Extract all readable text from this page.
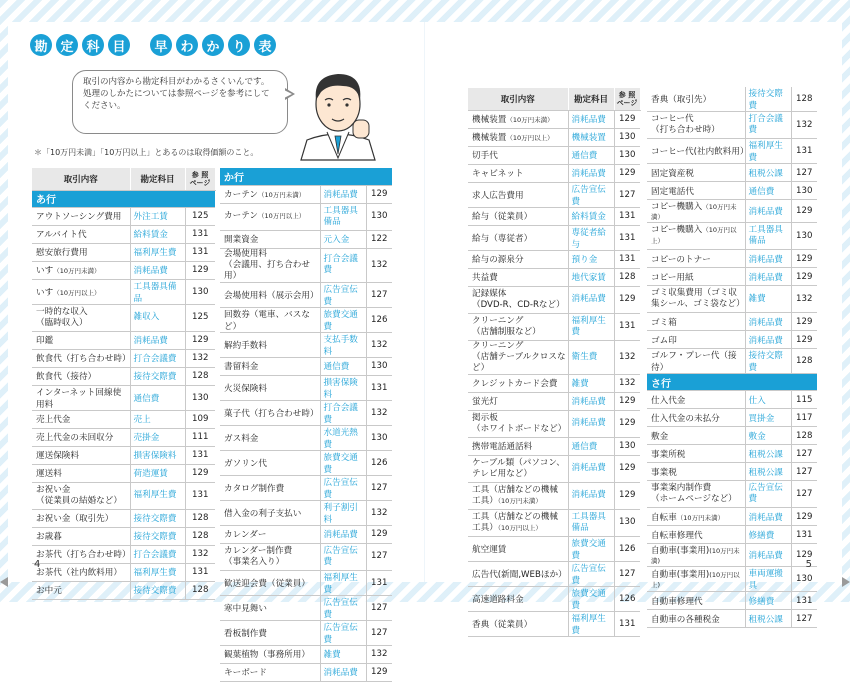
勘 定 科 目	早 わ か り 表
取引の内容から勘定科目がわかるさくいんです。
処理のしかたについては参照ページを参考にして
ください。
＊「10万円未満」「10万円以上」とあるのは取得価額のこと。
取引内容	勘定科目	参 照
ページ
あ行		
アウトソーシング費用	外注工賃	125
アルバイト代	給料賃金	131
慰安旅行費用	福利厚生費	131
いす（10万円未満）	消耗品費	129
いす（10万円以上）	工具器具備品	130
一時的な収入
（臨時収入）	雑収入	125
印鑑	消耗品費	129
飲食代（打ち合わせ時）	打合会議費	132
飲食代（接待）	接待交際費	128
インターネット回線使用料	通信費	130
売上代金	売上	109
売上代金の未回収分	売掛金	111
運送保険料	損害保険料	131
運送料	荷造運賃	129
お祝い金
（従業員の結婚など）	福利厚生費	131
お祝い金（取引先）	接待交際費	128
お歳暮	接待交際費	128
お茶代（打ち合わせ時）	打合会議費	132
お茶代（社内飲料用）	福利厚生費	131
お中元	接待交際費	128
か行		
カーテン（10万円未満）	消耗品費	129
カーテン（10万円以上）	工具器具
備品	130
開業資金	元入金	122
会場使用料
（会議用、打ち合わせ用）	打合会議費	132
会場使用料（展示会用）	広告宣伝費	127
回数券（電車、バスなど）	旅費交通費	126
解約手数料	支払手数料	132
書留料金	通信費	130
火災保険料	損害保険料	131
菓子代（打ち合わせ時）	打合会議費	132
ガス料金	水道光熱費	130
ガソリン代	旅費交通費	126
カタログ制作費	広告宣伝費	127
借入金の利子支払い	利子割引料	132
カレンダー	消耗品費	129
カレンダー制作費
（事業名入り）	広告宣伝費	127
歓送迎会費（従業員）	福利厚生費	131
寒中見舞い	広告宣伝費	127
看板制作費	広告宣伝費	127
観葉植物（事務所用）	雑費	132
キーボード	消耗品費	129
4
取引内容	勘定科目	参 照
ページ
機械装置（10万円未満）	消耗品費	129
機械装置（10万円以上）	機械装置	130
切手代	通信費	130
キャビネット	消耗品費	129
求人広告費用	広告宣伝費	127
給与（従業員）	給料賃金	131
給与（専従者）	専従者給与	131
給与の源泉分	預り金	131
共益費	地代家賃	128
記録媒体
（DVD-R、CD-Rなど）	消耗品費	129
クリーニング
（店舗制服など）	福利厚生費	131
クリーニング
（店舗テーブルクロスなど）	衛生費	132
クレジットカード会費	雑費	132
蛍光灯	消耗品費	129
掲示板
（ホワイトボードなど）	消耗品費	129
携帯電話通話料	通信費	130
ケーブル類（パソコン、
テレビ用など）	消耗品費	129
工具（店舗などの機械
工具）（10万円未満）	消耗品費	129
工具（店舗などの機械
工具）（10万円以上）	工具器具
備品	130
航空運賃	旅費交通費	126
広告代(新聞,WEBほか）	広告宣伝費	127
高速道路料金	旅費交通費	126
香典（従業員）	福利厚生費	131
香典（取引先）	接待交際費	128
コーヒー代
（打ち合わせ時）	打合会議費	132
コーヒー代(社内飲料用）	福利厚生費	131
固定資産税	租税公課	127
固定電話代	通信費	130
コピー機購入（10万円未満）	消耗品費	129
コピー機購入（10万円以上）	工具器具
備品	130
コピーのトナー	消耗品費	129
コピー用紙	消耗品費	129
ゴミ収集費用（ゴミ収
集シール、ゴミ袋など）	雑費	132
ゴミ箱	消耗品費	129
ゴム印	消耗品費	129
ゴルフ・プレー代（接待）	接待交際費	128
さ行		
仕入代金	仕入	115
仕入代金の未払分	買掛金	117
敷金	敷金	128
事業所税	租税公課	127
事業税	租税公課	127
事業案内制作費
（ホームページなど）	広告宣伝費	127
自転車（10万円未満）	消耗品費	129
自転車修理代	修繕費	131
自動車(事業用)(10万円未満)	消耗品費	129
自動車(事業用)(10万円以上)	車両運搬具	130
自動車修理代	修繕費	131
自動車の各種税金	租税公課	127
5
